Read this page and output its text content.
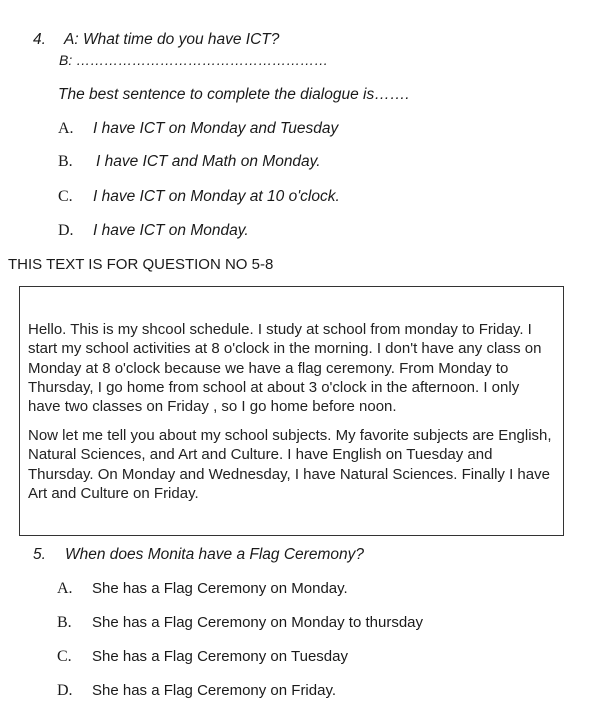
4. A: What time do you have ICT?
B: ………………………………………………
The best sentence to complete the dialogue is…….
A. I have ICT on Monday and Tuesday
B. I have ICT and Math on Monday.
C. I have ICT on Monday at 10 o'clock.
D. I have ICT on Monday.
THIS TEXT IS FOR QUESTION NO 5-8
Hello. This is my shcool schedule. I study at school from monday to Friday. I start my school activities at 8 o'clock in the morning. I don't have any class on Monday at 8 o'clock because we have a flag ceremony. From Monday to Thursday, I go home from school at about 3 o'clock in the afternoon. I only have two classes on Friday , so I go home before noon.
Now let me tell you about my school subjects. My favorite subjects are English, Natural Sciences, and Art and Culture. I have English on Tuesday and Thursday. On Monday and Wednesday, I have Natural Sciences. Finally I have Art and Culture on Friday.
5. When does Monita have a Flag Ceremony?
A. She has a Flag Ceremony on Monday.
B. She has a Flag Ceremony on Monday to thursday
C. She has a Flag Ceremony on Tuesday
D. She has a Flag Ceremony on Friday.
